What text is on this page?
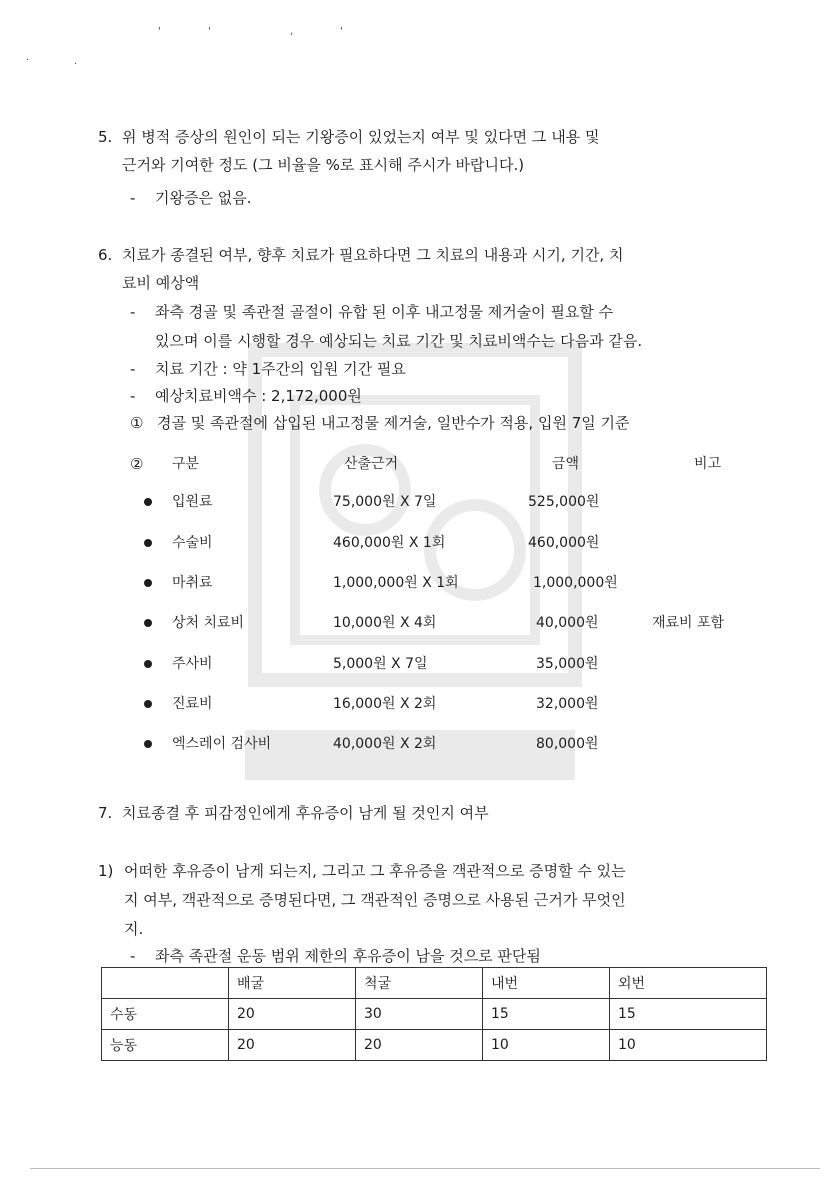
'	'	,	'
.	.
5. 위 병적 증상의 원인이 되는 기왕증이 있었는지 여부 및 있다면 그 내용 및
근거와 기여한 정도 (그 비율을 %로 표시해 주시가 바랍니다.)
- 기왕증은 없음.
6. 치료가 종결된 여부, 향후 치료가 필요하다면 그 치료의 내용과 시기, 기간, 치
료비 예상액
- 좌측 경골 및 족관절 골절이 유합 된 이후 내고정물 제거술이 필요할 수
있으며 이를 시행할 경우 예상되는 치료 기간 및 치료비액수는 다음과 같음.
- 치료 기간 : 약 1주간의 입원 기간 필요
- 예상치료비액수 : 2,172,000원
① 경골 및 족관절에 삽입된 내고정물 제거술, 일반수가 적용, 입원 7일 기준
② 구분	산출근거	금액	비고
입원료	75,000원 X 7일	525,000원
수술비	460,000원 X 1회	460,000원
마취료	1,000,000원 X 1회	1,000,000원
상처 치료비	10,000원 X 4회	40,000원	재료비 포함
주사비	5,000원 X 7일	35,000원
진료비	16,000원 X 2회	32,000원
엑스레이 검사비	40,000원 X 2회	80,000원
7. 치료종결 후 피감정인에게 후유증이 남게 될 것인지 여부
1) 어떠한 후유증이 남게 되는지, 그리고 그 후유증을 객관적으로 증명할 수 있는
지 여부, 객관적으로 증명된다면, 그 객관적인 증명으로 사용된 근거가 무엇인
지.
- 좌측 족관절 운동 범위 제한의 후유증이 남을 것으로 판단됨
	배굴	척굴	내번	외번
수동	20	30	15	15
능동	20	20	10	10
